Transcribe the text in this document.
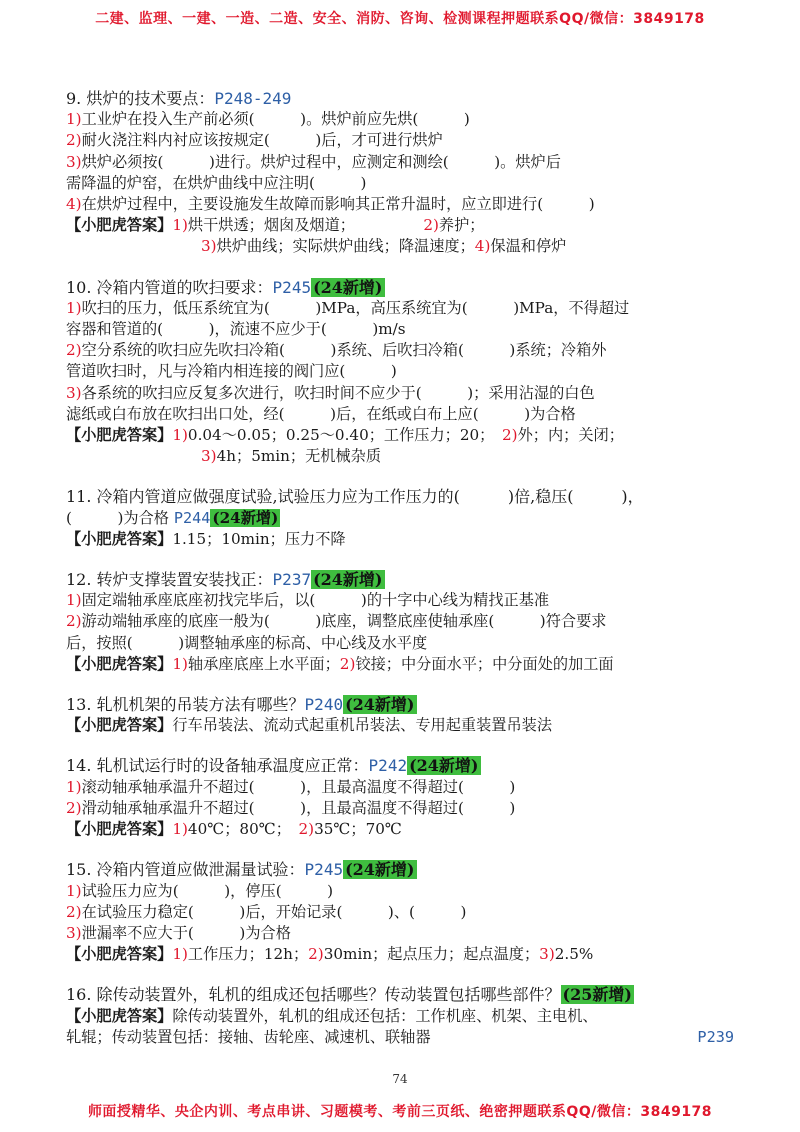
二建、监理、一建、一造、二造、安全、消防、咨询、检测课程押题联系QQ/微信：3849178
9. 烘炉的技术要点：P248-249
1)工业炉在投入生产前必须(　　　)。烘炉前应先烘(　　　)
2)耐火浇注料内衬应该按规定(　　　)后，才可进行烘炉
3)烘炉必须按(　　　)进行。烘炉过程中，应测定和测绘(　　　)。烘炉后
需降温的炉窑，在烘炉曲线中应注明(　　　)
4)在烘炉过程中，主要设施发生故障而影响其正常升温时，应立即进行(　　　)
【小肥虎答案】1)烘干烘透；烟囱及烟道；　　　　　	2)养护；
3)烘炉曲线；实际烘炉曲线；降温速度；4)保温和停炉
10. 冷箱内管道的吹扫要求：P245 (24新增)
1)吹扫的压力，低压系统宜为(　　　)MPa，高压系统宜为(　　　)MPa，不得超过
容器和管道的(　　　)，流速不应少于(　　　)m/s
2)空分系统的吹扫应先吹扫冷箱(　　　)系统、后吹扫冷箱(　　　)系统；冷箱外
管道吹扫时，凡与冷箱内相连接的阀门应(　　　)
3)各系统的吹扫应反复多次进行，吹扫时间不应少于(　　　)；采用沾湿的白色
滤纸或白布放在吹扫出口处，经(　　　)后，在纸或白布上应(　　　)为合格
【小肥虎答案】1)0.04～0.05；0.25～0.40；工作压力；20；　 2)外；内；关闭；
3)4h；5min；无机械杂质
11. 冷箱内管道应做强度试验,试验压力应为工作压力的(　　　)倍,稳压(　　　)，
(　　　)为合格 P244 (24新增)
【小肥虎答案】1.15；10min；压力不降
12. 转炉支撑装置安装找正：P237 (24新增)
1)固定端轴承座底座初找完毕后，以(　　　)的十字中心线为精找正基准
2)游动端轴承座的底座一般为(　　　)底座，调整底座使轴承座(　　　)符合要求
后，按照(　　　)调整轴承座的标高、中心线及水平度
【小肥虎答案】1)轴承座底座上水平面；2)铰接；中分面水平；中分面处的加工面
13. 轧机机架的吊装方法有哪些？P240 (24新增)
【小肥虎答案】行车吊装法、流动式起重机吊装法、专用起重装置吊装法
14. 轧机试运行时的设备轴承温度应正常：P242 (24新增)
1)滚动轴承轴承温升不超过(　　　)，且最高温度不得超过(　　　)
2)滑动轴承轴承温升不超过(　　　)，且最高温度不得超过(　　　)
【小肥虎答案】1)40℃；80℃；　 2)35℃；70℃
15. 冷箱内管道应做泄漏量试验：P245 (24新增)
1)试验压力应为(　　　)，停压(　　　)
2)在试验压力稳定(　　　)后，开始记录(　　　)、(　　　)
3)泄漏率不应大于(　　　)为合格
【小肥虎答案】1)工作压力；12h；2)30min；起点压力；起点温度；3)2.5%
16. 除传动装置外，轧机的组成还包括哪些？传动装置包括哪些部件？ (25新增)
【小肥虎答案】除传动装置外，轧机的组成还包括：工作机座、机架、主电机、
轧辊；传动装置包括：接轴、齿轮座、减速机、联轴器	P239
74
师面授精华、央企内训、考点串讲、习题模考、考前三页纸、绝密押题联系QQ/微信：3849178
